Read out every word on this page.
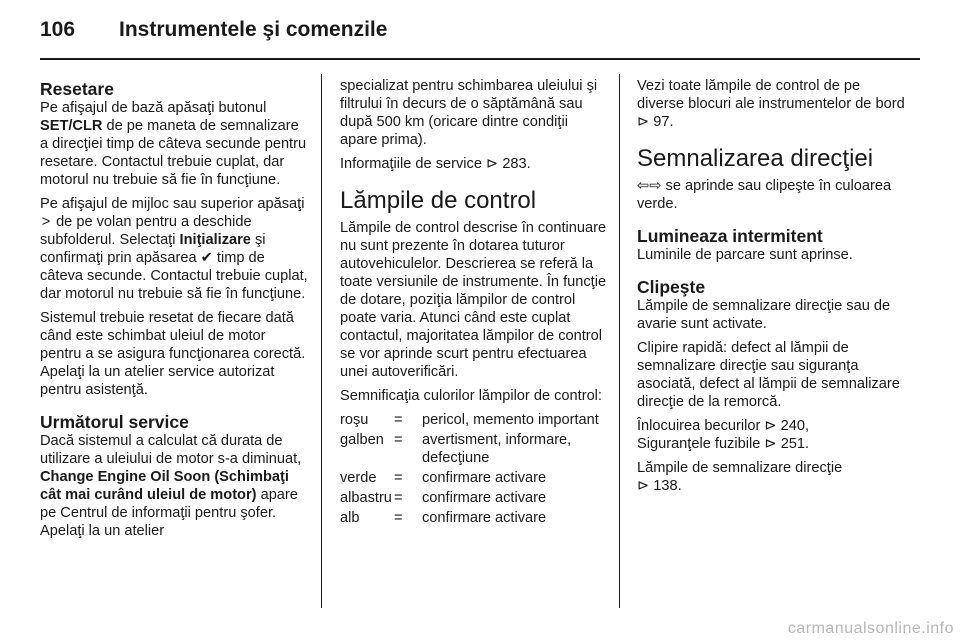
106 Instrumentele şi comenzile
Resetare

Pe afişajul de bază apăsaţi butonul SET/CLR de pe maneta de semnalizare a direcţiei timp de câteva secunde pentru resetare. Contactul trebuie cuplat, dar motorul nu trebuie să fie în funcţiune.

Pe afişajul de mijloc sau superior apăsaţi > de pe volan pentru a deschide subfolderul. Selectaţi Iniţializare şi confirmaţi prin apăsarea ✔ timp de câteva secunde. Contactul trebuie cuplat, dar motorul nu trebuie să fie în funcţiune.

Sistemul trebuie resetat de fiecare dată când este schimbat uleiul de motor pentru a se asigura funcţionarea corectă. Apelaţi la un atelier service autorizat pentru asistenţă.

Următorul service

Dacă sistemul a calculat că durata de utilizare a uleiului de motor s-a diminuat, Change Engine Oil Soon (Schimbaţi cât mai curând uleiul de motor) apare pe Centrul de informaţii pentru şofer. Apelaţi la un atelier

specializat pentru schimbarea uleiului şi filtrului în decurs de o săptămână sau după 500 km (oricare dintre condiţii apare prima).

Informaţiile de service ⊳ 283.

Lămpile de control

Lămpile de control descrise în continuare nu sunt prezente în dotarea tuturor autovehiculelor. Descrierea se referă la toate versiunile de instrumente. În funcţie de dotare, poziţia lămpilor de control poate varia. Atunci când este cuplat contactul, majoritatea lămpilor de control se vor aprinde scurt pentru efectuarea unei autoverificări.

Semnificaţia culorilor lămpilor de control:

roşu	=	pericol, memento important
galben	=	avertisment, informare, defecţiune
verde	=	confirmare activare
albastru	=	confirmare activare
alb	=	confirmare activare

Vezi toate lămpile de control de pe diverse blocuri ale instrumentelor de bord ⊳ 97.

Semnalizarea direcţiei

⇦⇨ se aprinde sau clipeşte în culoarea verde.

Lumineaza intermitent

Luminile de parcare sunt aprinse.

Clipeşte

Lămpile de semnalizare direcţie sau de avarie sunt activate.

Clipire rapidă: defect al lămpii de semnalizare direcţie sau siguranţa asociată, defect al lămpii de semnalizare direcţie de la remorcă.

Înlocuirea becurilor ⊳ 240,
Siguranţele fuzibile ⊳ 251.

Lămpile de semnalizare direcţie
⊳ 138.

carmanualsonline.info
